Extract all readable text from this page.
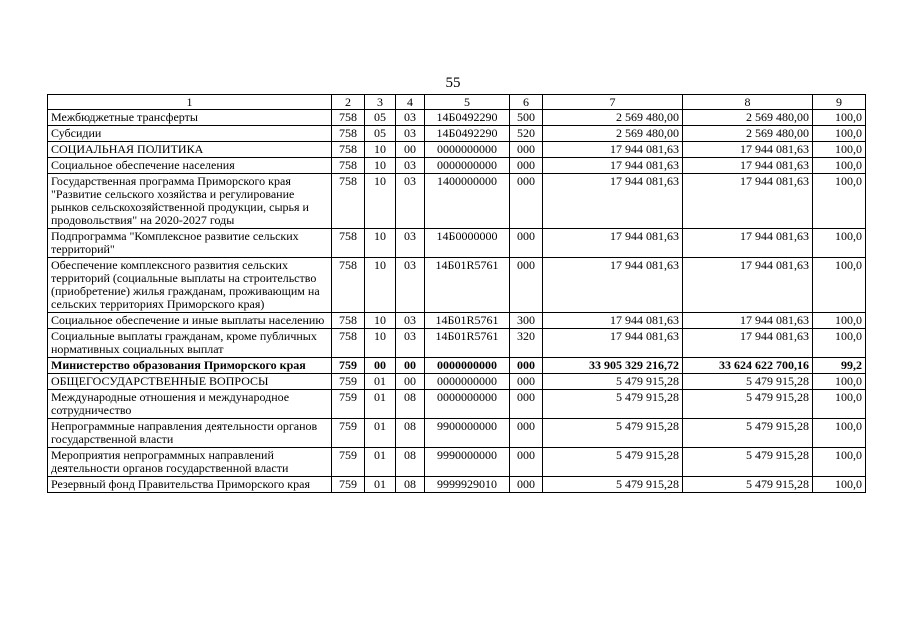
55
1	2	3	4	5	6	7	8	9
Межбюджетные трансферты	758	05	03	14Б0492290	500	2 569 480,00	2 569 480,00	100,0
Субсидии	758	05	03	14Б0492290	520	2 569 480,00	2 569 480,00	100,0
СОЦИАЛЬНАЯ ПОЛИТИКА	758	10	00	0000000000	000	17 944 081,63	17 944 081,63	100,0
Социальное обеспечение населения	758	10	03	0000000000	000	17 944 081,63	17 944 081,63	100,0
Государственная программа Приморского края "Развитие сельского хозяйства и регулирование рынков сельскохозяйственной продукции, сырья и продовольствия" на 2020-2027 годы	758	10	03	1400000000	000	17 944 081,63	17 944 081,63	100,0
Подпрограмма "Комплексное развитие сельских территорий"	758	10	03	14Б0000000	000	17 944 081,63	17 944 081,63	100,0
Обеспечение комплексного развития сельских территорий (социальные выплаты на строительство (приобретение) жилья гражданам, проживающим на сельских территориях Приморского края)	758	10	03	14Б01R5761	000	17 944 081,63	17 944 081,63	100,0
Социальное обеспечение и иные выплаты населению	758	10	03	14Б01R5761	300	17 944 081,63	17 944 081,63	100,0
Социальные выплаты гражданам, кроме публичных нормативных социальных выплат	758	10	03	14Б01R5761	320	17 944 081,63	17 944 081,63	100,0
Министерство образования Приморского края	759	00	00	0000000000	000	33 905 329 216,72	33 624 622 700,16	99,2
ОБЩЕГОСУДАРСТВЕННЫЕ ВОПРОСЫ	759	01	00	0000000000	000	5 479 915,28	5 479 915,28	100,0
Международные отношения и международное сотрудничество	759	01	08	0000000000	000	5 479 915,28	5 479 915,28	100,0
Непрограммные направления деятельности органов государственной власти	759	01	08	9900000000	000	5 479 915,28	5 479 915,28	100,0
Мероприятия непрограммных направлений деятельности органов государственной власти	759	01	08	9990000000	000	5 479 915,28	5 479 915,28	100,0
Резервный фонд Правительства Приморского края	759	01	08	9999929010	000	5 479 915,28	5 479 915,28	100,0
